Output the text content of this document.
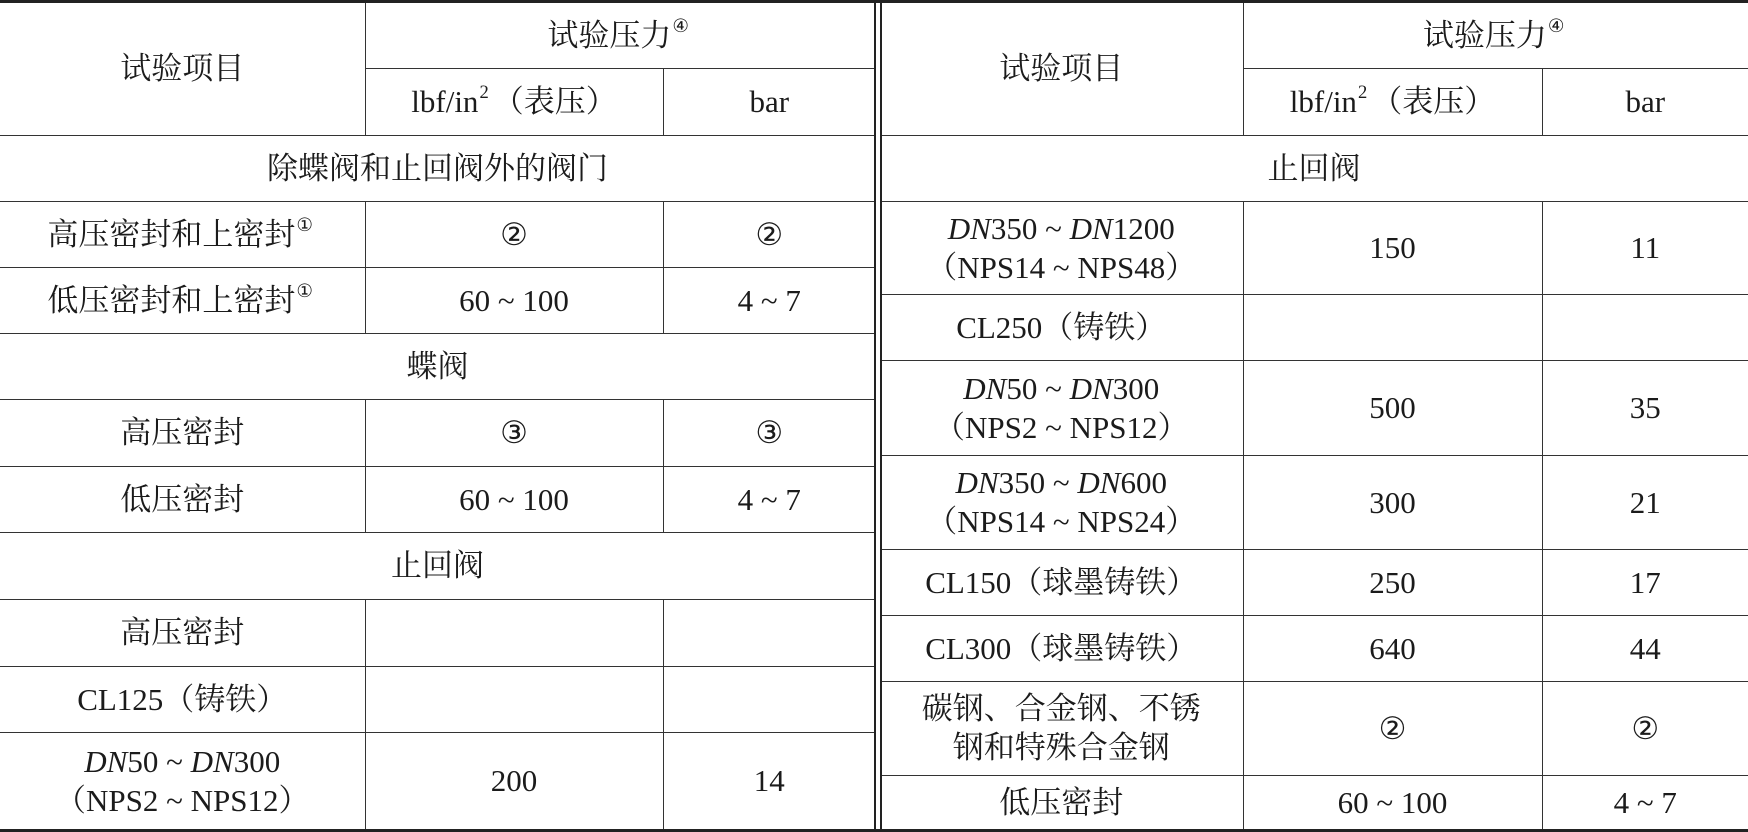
试验项目	试验压力④

	lbf/$in^2$ （表压）	bar
除蝶阀和止回阀外的阀门		

高压密封和上密封①	②	②

低压密封和上密封①	60 ~ 100	4 ~ 7
蝶阀		
高压密封	③	③
低压密封	60 ~ 100	4 ~ 7
止回阀		
高压密封		
CL125（铸铁）		

DN50 ~ DN300
（NPS2 ~ NPS12）	200	14
试验项目	试验压力④

	lbf/$in^2$ （表压）	bar
止回阀		

DN350 ~ DN1200
（NPS14 ~ NPS48）	150	11
CL250（铸铁）		

DN50 ~ DN300
（NPS2 ~ NPS12）	500	35

DN350 ~ DN600
（NPS14 ~ NPS24）	300	21
CL150（球墨铸铁）	250	17
CL300（球墨铸铁）	640	44

碳钢、合金钢、不锈
钢和特殊合金钢	②	②
低压密封	60 ~ 100	4 ~ 7
